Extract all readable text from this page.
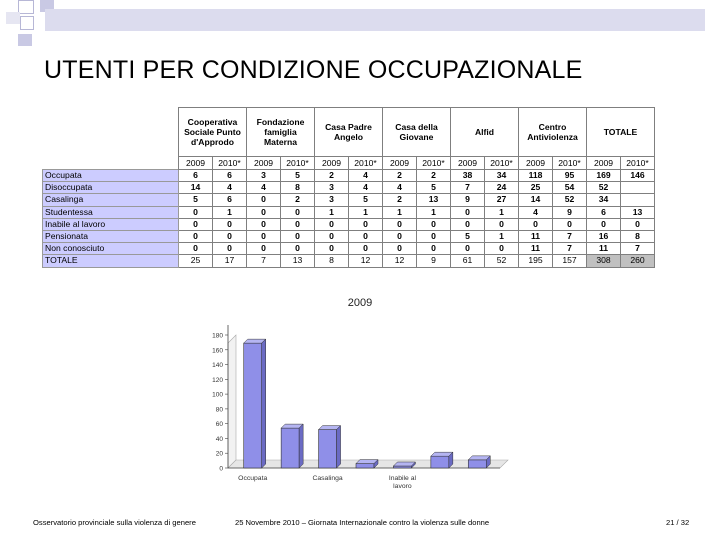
UTENTI PER CONDIZIONE OCCUPAZIONALE
	Cooperativa Sociale Punto d'Approdo		Fondazione famiglia Materna		Casa Padre Angelo		Casa della Giovane		Alfid		Centro Antiviolenza		TOTALE	
	2009	2010*	2009	2010*	2009	2010*	2009	2010*	2009	2010*	2009	2010*	2009	2010*
Occupata	6	6	3	5	2	4	2	2	38	34	118	95	169	146
Disoccupata	14	4	4	8	3	4	4	5	7	24	25	54	52	
Casalinga	5	6	0	2	3	5	2	13	9	27	14	52	34	
Studentessa	0	1	0	0	1	1	1	1	0	1	4	9	6	13
Inabile al lavoro	0	0	0	0	0	0	0	0	0	0	0	0	0	0
Pensionata	0	0	0	0	0	0	0	0	5	1	11	7	16	8
Non conosciuto	0	0	0	0	0	0	0	0	0	0	11	7	11	7
TOTALE	25	17	7	13	8	12	12	9	61	52	195	157	308	260
2009
0
20
40
60
80
100
120
140
160
180
Occupata	Casalinga	Inabile al
lavoro
Osservatorio provinciale sulla violenza di genere	25 Novembre 2010 – Giornata Internazionale contro la violenza sulle donne	21 / 32
